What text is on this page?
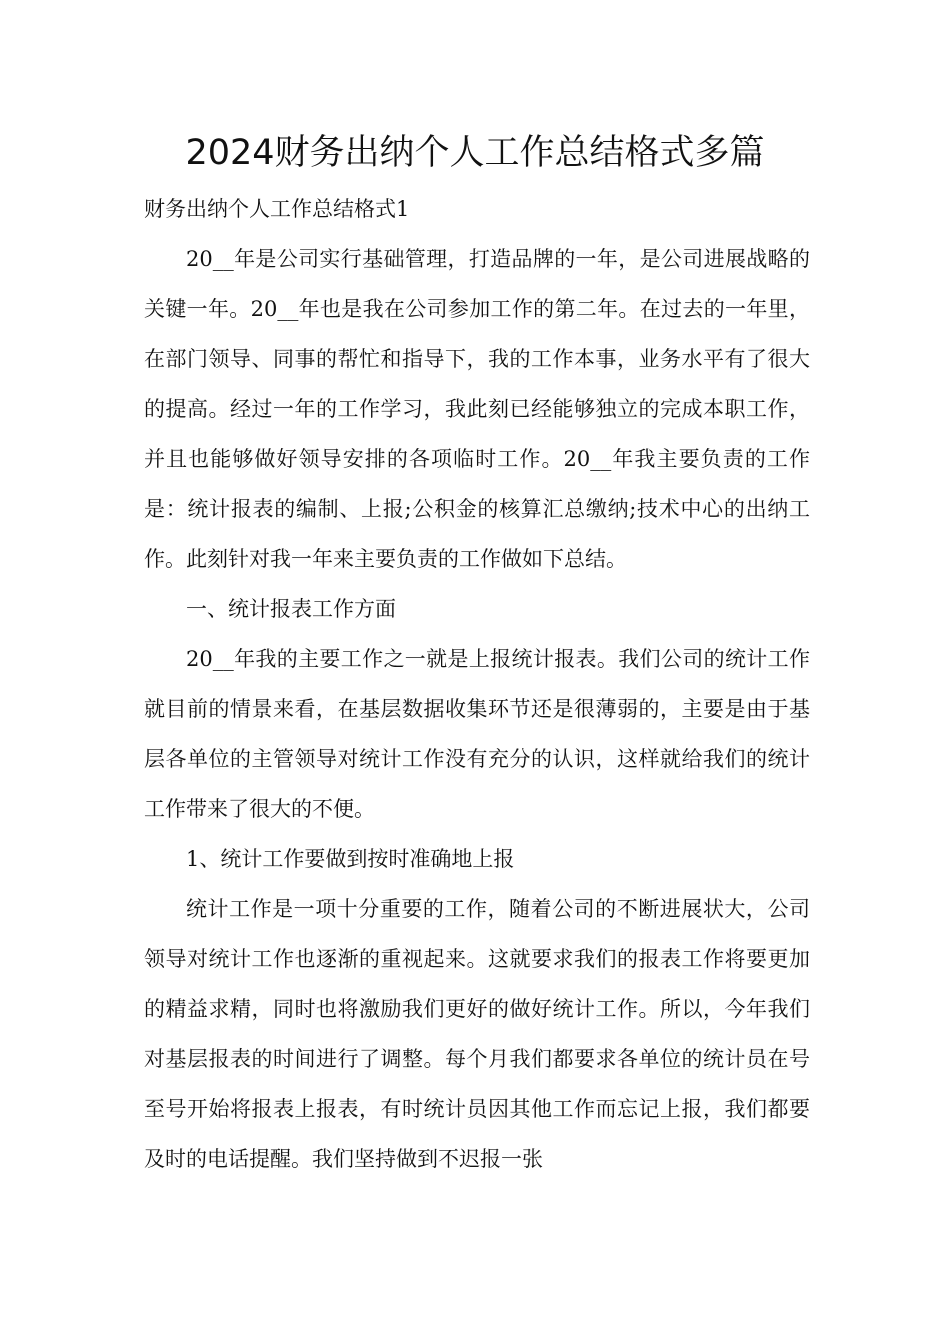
2024财务出纳个人工作总结格式多篇

财务出纳个人工作总结格式1

20__年是公司实行基础管理，打造品牌的一年，是公司进展战略的关键一年。20__年也是我在公司参加工作的第二年。在过去的一年里，在部门领导、同事的帮忙和指导下，我的工作本事，业务水平有了很大的提高。经过一年的工作学习，我此刻已经能够独立的完成本职工作，并且也能够做好领导安排的各项临时工作。20__年我主要负责的工作是：统计报表的编制、上报;公积金的核算汇总缴纳;技术中心的出纳工作。此刻针对我一年来主要负责的工作做如下总结。

一、统计报表工作方面

20__年我的主要工作之一就是上报统计报表。我们公司的统计工作就目前的情景来看，在基层数据收集环节还是很薄弱的，主要是由于基层各单位的主管领导对统计工作没有充分的认识，这样就给我们的统计工作带来了很大的不便。

1、统计工作要做到按时准确地上报

统计工作是一项十分重要的工作，随着公司的不断进展状大，公司领导对统计工作也逐渐的重视起来。这就要求我们的报表工作将要更加的精益求精，同时也将激励我们更好的做好统计工作。所以，今年我们对基层报表的时间进行了调整。每个月我们都要求各单位的统计员在号至号开始将报表上报表，有时统计员因其他工作而忘记上报，我们都要及时的电话提醒。我们坚持做到不迟报一张
